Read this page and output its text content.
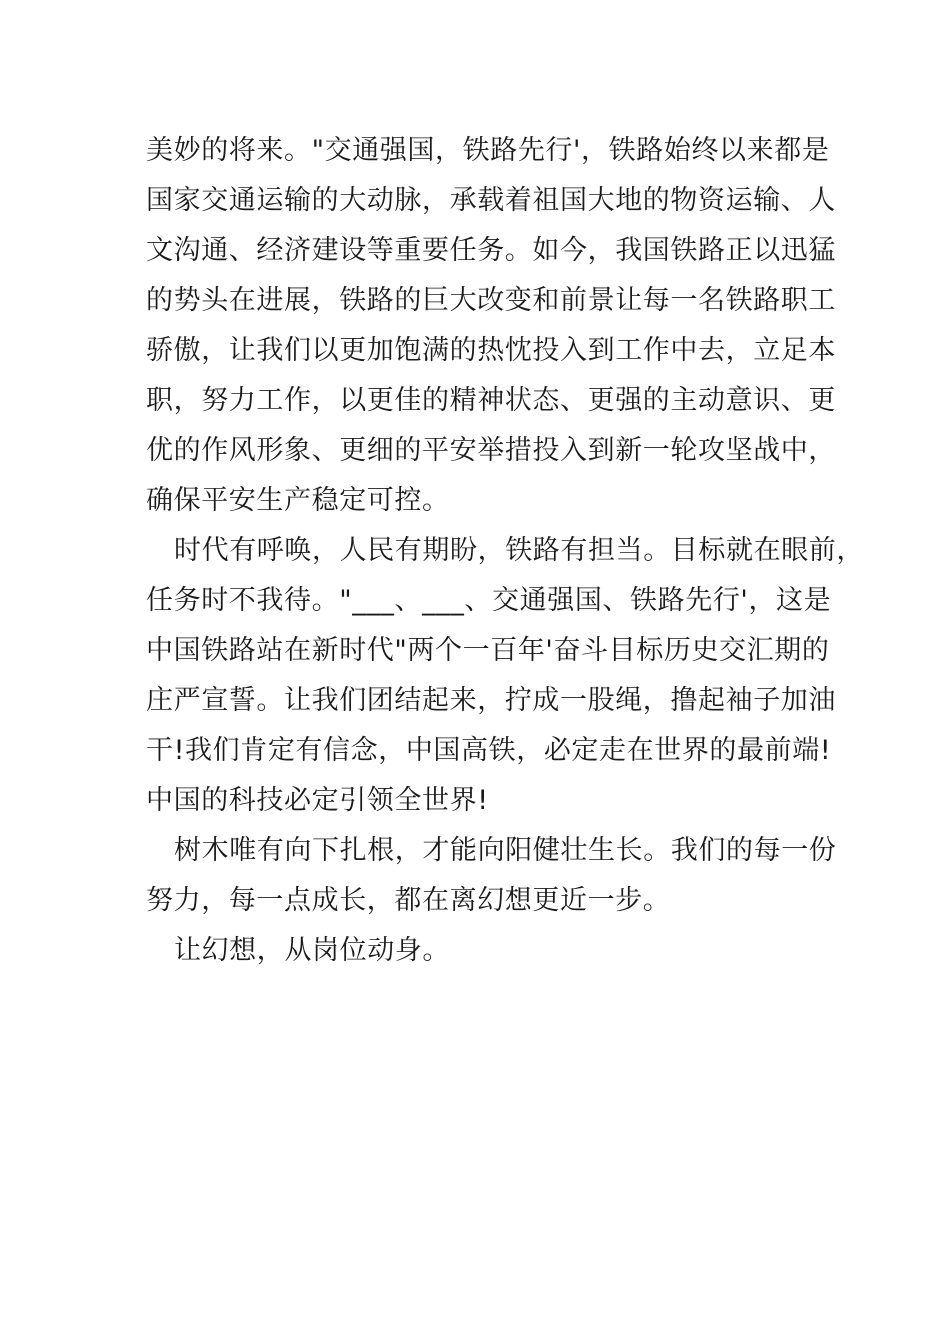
美妙的将来。"交通强国，铁路先行'，铁路始终以来都是
国家交通运输的大动脉，承载着祖国大地的物资运输、人
文沟通、经济建设等重要任务。如今，我国铁路正以迅猛
的势头在进展，铁路的巨大改变和前景让每一名铁路职工
骄傲，让我们以更加饱满的热忱投入到工作中去，立足本
职，努力工作，以更佳的精神状态、更强的主动意识、更
优的作风形象、更细的平安举措投入到新一轮攻坚战中，
确保平安生产稳定可控。
时代有呼唤，人民有期盼，铁路有担当。目标就在眼前，
任务时不我待。"___、___、交通强国、铁路先行'，这是
中国铁路站在新时代"两个一百年'奋斗目标历史交汇期的
庄严宣誓。让我们团结起来，拧成一股绳，撸起袖子加油
干!我们肯定有信念，中国高铁，必定走在世界的最前端!
中国的科技必定引领全世界!
树木唯有向下扎根，才能向阳健壮生长。我们的每一份
努力，每一点成长，都在离幻想更近一步。
让幻想，从岗位动身。
